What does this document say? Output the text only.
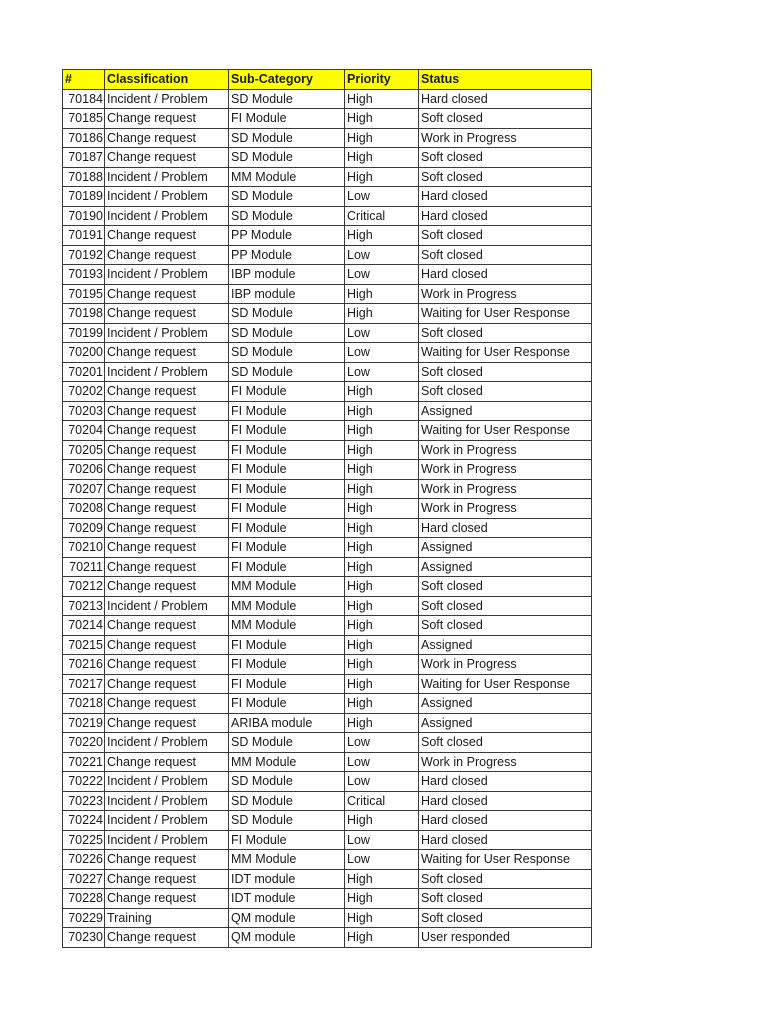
#	Classification	Sub-Category	Priority	Status
70184	Incident / Problem	SD Module	High	Hard closed
70185	Change request	FI Module	High	Soft closed
70186	Change request	SD Module	High	Work in Progress
70187	Change request	SD Module	High	Soft closed
70188	Incident / Problem	MM Module	High	Soft closed
70189	Incident / Problem	SD Module	Low	Hard closed
70190	Incident / Problem	SD Module	Critical	Hard closed
70191	Change request	PP Module	High	Soft closed
70192	Change request	PP Module	Low	Soft closed
70193	Incident / Problem	IBP module	Low	Hard closed
70195	Change request	IBP module	High	Work in Progress
70198	Change request	SD Module	High	Waiting for User Response
70199	Incident / Problem	SD Module	Low	Soft closed
70200	Change request	SD Module	Low	Waiting for User Response
70201	Incident / Problem	SD Module	Low	Soft closed
70202	Change request	FI Module	High	Soft closed
70203	Change request	FI Module	High	Assigned
70204	Change request	FI Module	High	Waiting for User Response
70205	Change request	FI Module	High	Work in Progress
70206	Change request	FI Module	High	Work in Progress
70207	Change request	FI Module	High	Work in Progress
70208	Change request	FI Module	High	Work in Progress
70209	Change request	FI Module	High	Hard closed
70210	Change request	FI Module	High	Assigned
70211	Change request	FI Module	High	Assigned
70212	Change request	MM Module	High	Soft closed
70213	Incident / Problem	MM Module	High	Soft closed
70214	Change request	MM Module	High	Soft closed
70215	Change request	FI Module	High	Assigned
70216	Change request	FI Module	High	Work in Progress
70217	Change request	FI Module	High	Waiting for User Response
70218	Change request	FI Module	High	Assigned
70219	Change request	ARIBA module	High	Assigned
70220	Incident / Problem	SD Module	Low	Soft closed
70221	Change request	MM Module	Low	Work in Progress
70222	Incident / Problem	SD Module	Low	Hard closed
70223	Incident / Problem	SD Module	Critical	Hard closed
70224	Incident / Problem	SD Module	High	Hard closed
70225	Incident / Problem	FI Module	Low	Hard closed
70226	Change request	MM Module	Low	Waiting for User Response
70227	Change request	IDT module	High	Soft closed
70228	Change request	IDT module	High	Soft closed
70229	Training	QM module	High	Soft closed
70230	Change request	QM module	High	User responded
